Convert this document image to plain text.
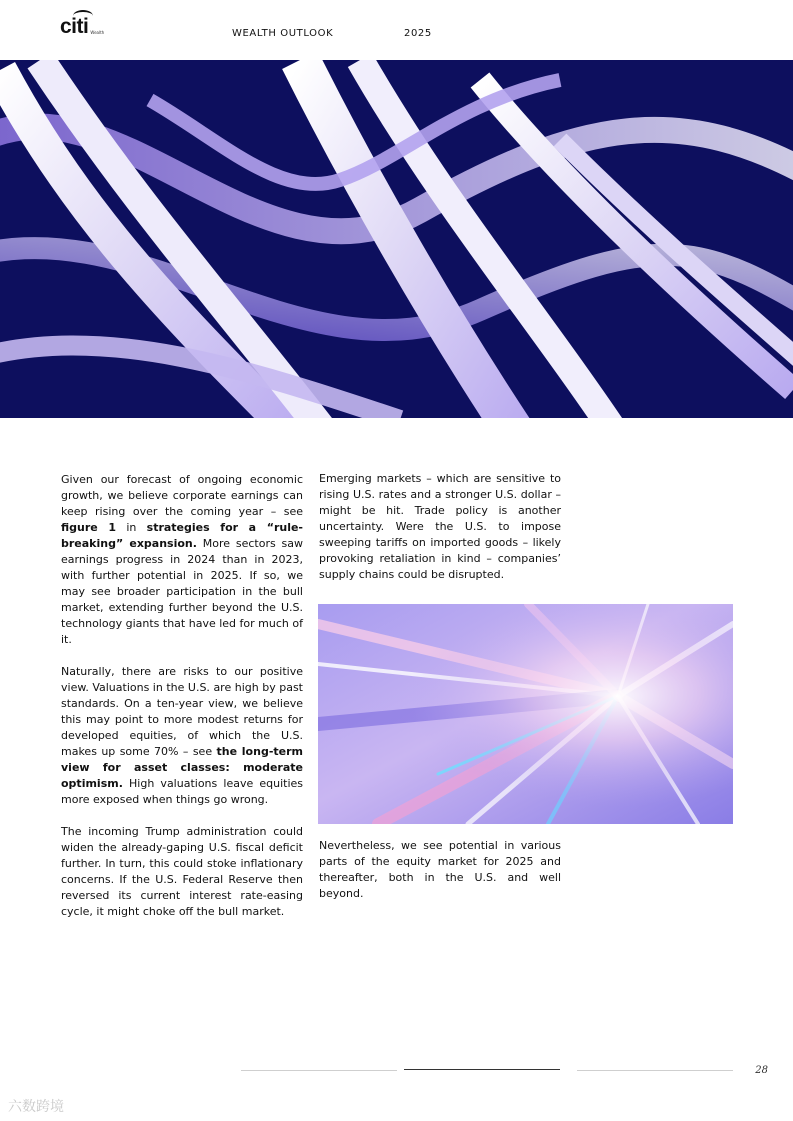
citi Wealth	WEALTH OUTLOOK	2025

Given our forecast of ongoing economic growth, we believe corporate earnings can keep rising over the coming year – see figure 1 in strategies for a “rule-breaking” expansion. More sectors saw earnings progress in 2024 than in 2023, with further potential in 2025. If so, we may see broader participation in the bull market, extending further beyond the U.S. technology giants that have led for much of it.

Naturally, there are risks to our positive view. Valuations in the U.S. are high by past standards. On a ten-year view, we believe this may point to more modest returns for developed equities, of which the U.S. makes up some 70% – see the long-term view for asset classes: moderate optimism. High valuations leave equities more exposed when things go wrong.

The incoming Trump administration could widen the already-gaping U.S. fiscal deficit further. In turn, this could stoke inflationary concerns. If the U.S. Federal Reserve then reversed its current interest rate-easing cycle, it might choke off the bull market.

Emerging markets – which are sensitive to rising U.S. rates and a stronger U.S. dollar – might be hit. Trade policy is another uncertainty. Were the U.S. to impose sweeping tariffs on imported goods – likely provoking retaliation in kind – companies’ supply chains could be disrupted.

Nevertheless, we see potential in various parts of the equity market for 2025 and thereafter, both in the U.S. and well beyond.

28
六数跨境
